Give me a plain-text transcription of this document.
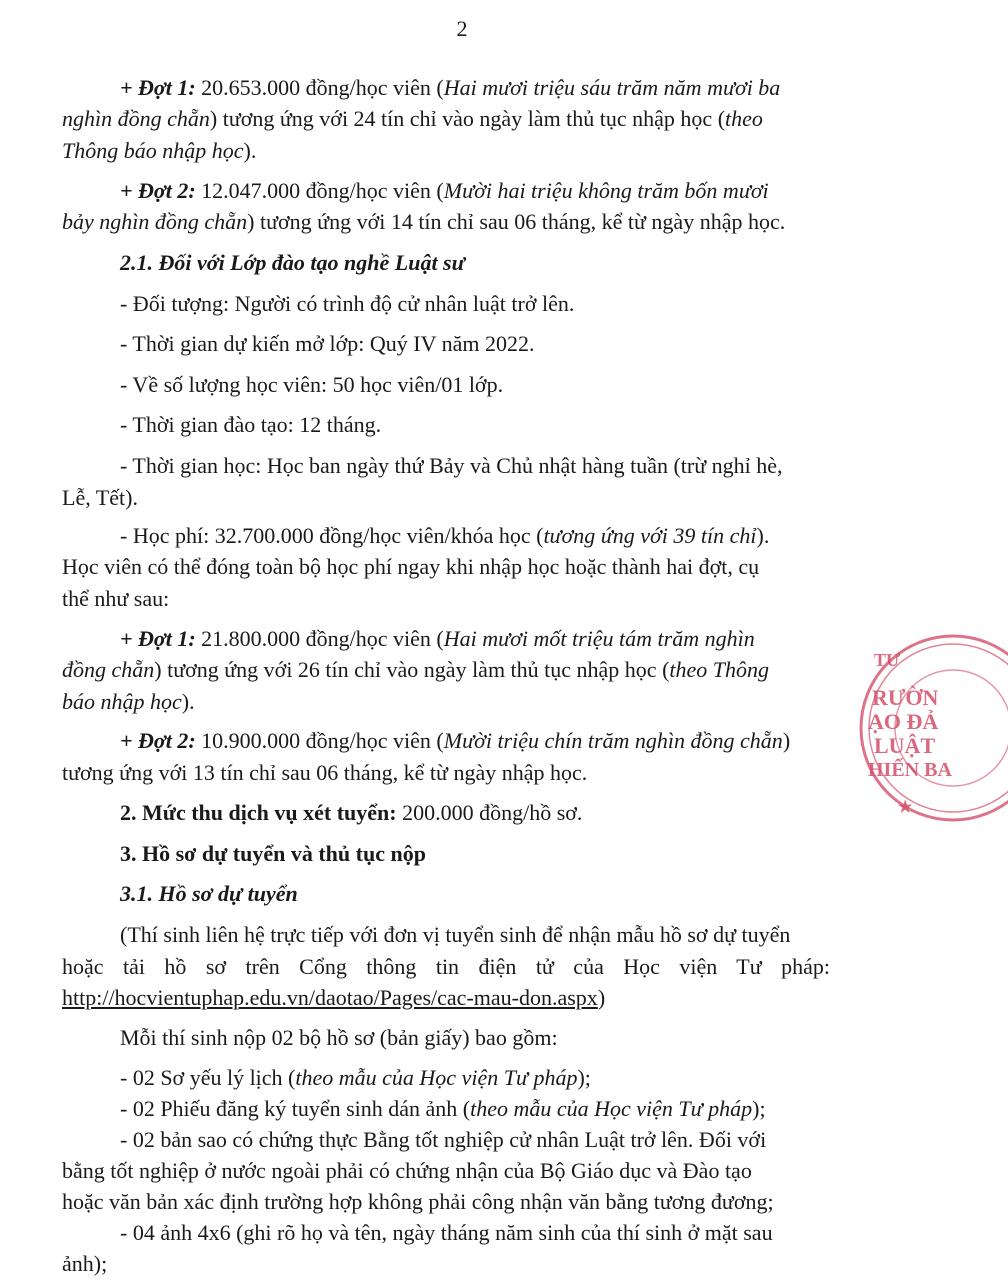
2
+ Đợt 1: 20.653.000 đồng/học viên (Hai mươi triệu sáu trăm năm mươi ba
nghìn đồng chẵn) tương ứng với 24 tín chỉ vào ngày làm thủ tục nhập học (theo
Thông báo nhập học).
+ Đợt 2: 12.047.000 đồng/học viên (Mười hai triệu không trăm bốn mươi
bảy nghìn đồng chẵn) tương ứng với 14 tín chỉ sau 06 tháng, kể từ ngày nhập học.
2.1. Đối với Lớp đào tạo nghề Luật sư
- Đối tượng: Người có trình độ cử nhân luật trở lên.
- Thời gian dự kiến mở lớp: Quý IV năm 2022.
- Về số lượng học viên: 50 học viên/01 lớp.
- Thời gian đào tạo: 12 tháng.
- Thời gian học: Học ban ngày thứ Bảy và Chủ nhật hàng tuần (trừ nghỉ hè,
Lễ, Tết).
- Học phí: 32.700.000 đồng/học viên/khóa học (tương ứng với 39 tín chỉ).
Học viên có thể đóng toàn bộ học phí ngay khi nhập học hoặc thành hai đợt, cụ
thể như sau:
+ Đợt 1: 21.800.000 đồng/học viên (Hai mươi mốt triệu tám trăm nghìn
đồng chẵn) tương ứng với 26 tín chỉ vào ngày làm thủ tục nhập học (theo Thông
báo nhập học).
+ Đợt 2: 10.900.000 đồng/học viên (Mười triệu chín trăm nghìn đồng chẵn)
tương ứng với 13 tín chỉ sau 06 tháng, kể từ ngày nhập học.
2. Mức thu dịch vụ xét tuyển: 200.000 đồng/hồ sơ.
3. Hồ sơ dự tuyển và thủ tục nộp
3.1. Hồ sơ dự tuyển
(Thí sinh liên hệ trực tiếp với đơn vị tuyển sinh để nhận mẫu hồ sơ dự tuyển
hoặc tải hồ sơ trên Cổng thông tin điện tử của Học viện Tư pháp:
http://hocvientuphap.edu.vn/daotao/Pages/cac-mau-don.aspx)
Mỗi thí sinh nộp 02 bộ hồ sơ (bản giấy) bao gồm:
- 02 Sơ yếu lý lịch (theo mẫu của Học viện Tư pháp);
- 02 Phiếu đăng ký tuyển sinh dán ảnh (theo mẫu của Học viện Tư pháp);
- 02 bản sao có chứng thực Bằng tốt nghiệp cử nhân Luật trở lên. Đối với
bằng tốt nghiệp ở nước ngoài phải có chứng nhận của Bộ Giáo dục và Đào tạo
hoặc văn bản xác định trường hợp không phải công nhận văn bằng tương đương;
- 04 ảnh 4x6 (ghi rõ họ và tên, ngày tháng năm sinh của thí sinh ở mặt sau
ảnh);
TƯ
RƯỜN
ẠO ĐẢ
LUẬT
HIẾN BA
★
